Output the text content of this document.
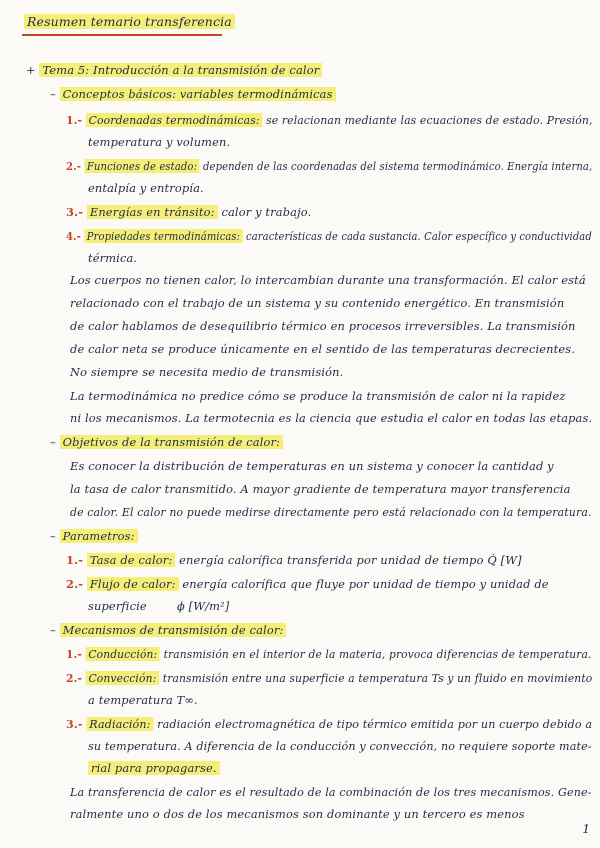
Resumen temario transferencia
+ Tema 5: Introducción a la transmisión de calor
– Conceptos básicos: variables termodinámicas
1.- Coordenadas termodinámicas: se relacionan mediante las ecuaciones de estado. Presión,
temperatura y volumen.
2.- Funciones de estado: dependen de las coordenadas del sistema termodinámico. Energía interna,
entalpía y entropía.
3.- Energías en tránsito: calor y trabajo.
4.- Propiedades termodinámicas: características de cada sustancia. Calor específico y conductividad
térmica.
Los cuerpos no tienen calor, lo intercambian durante una transformación. El calor está
relacionado con el trabajo de un sistema y su contenido energético. En transmisión
de calor hablamos de desequilibrio térmico en procesos irreversibles. La transmisión
de calor neta se produce únicamente en el sentido de las temperaturas decrecientes.
No siempre se necesita medio de transmisión.
La termodinámica no predice cómo se produce la transmisión de calor ni la rapidez
ni los mecanismos. La termotecnia es la ciencia que estudia el calor en todas las etapas.
– Objetivos de la transmisión de calor:
Es conocer la distribución de temperaturas en un sistema y conocer la cantidad y
la tasa de calor transmitido. A mayor gradiente de temperatura mayor transferencia
de calor. El calor no puede medirse directamente pero está relacionado con la temperatura.
– Parametros:
1.- Tasa de calor: energía calorífica transferida por unidad de tiempo Q̇ [W]
2.- Flujo de calor: energía calorífica que fluye por unidad de tiempo y unidad de
superficie	ϕ [W/m²]
– Mecanismos de transmisión de calor:
1.- Conducción: transmisión en el interior de la materia, provoca diferencias de temperatura.
2.- Convección: transmisión entre una superficie a temperatura Ts y un fluido en movimiento
a temperatura T∞.
3.- Radiación: radiación electromagnética de tipo térmico emitida por un cuerpo debido a
su temperatura. A diferencia de la conducción y convección, no requiere soporte mate-
rial para propagarse.
La transferencia de calor es el resultado de la combinación de los tres mecanismos. Gene-
ralmente uno o dos de los mecanismos son dominante y un tercero es menos
1
